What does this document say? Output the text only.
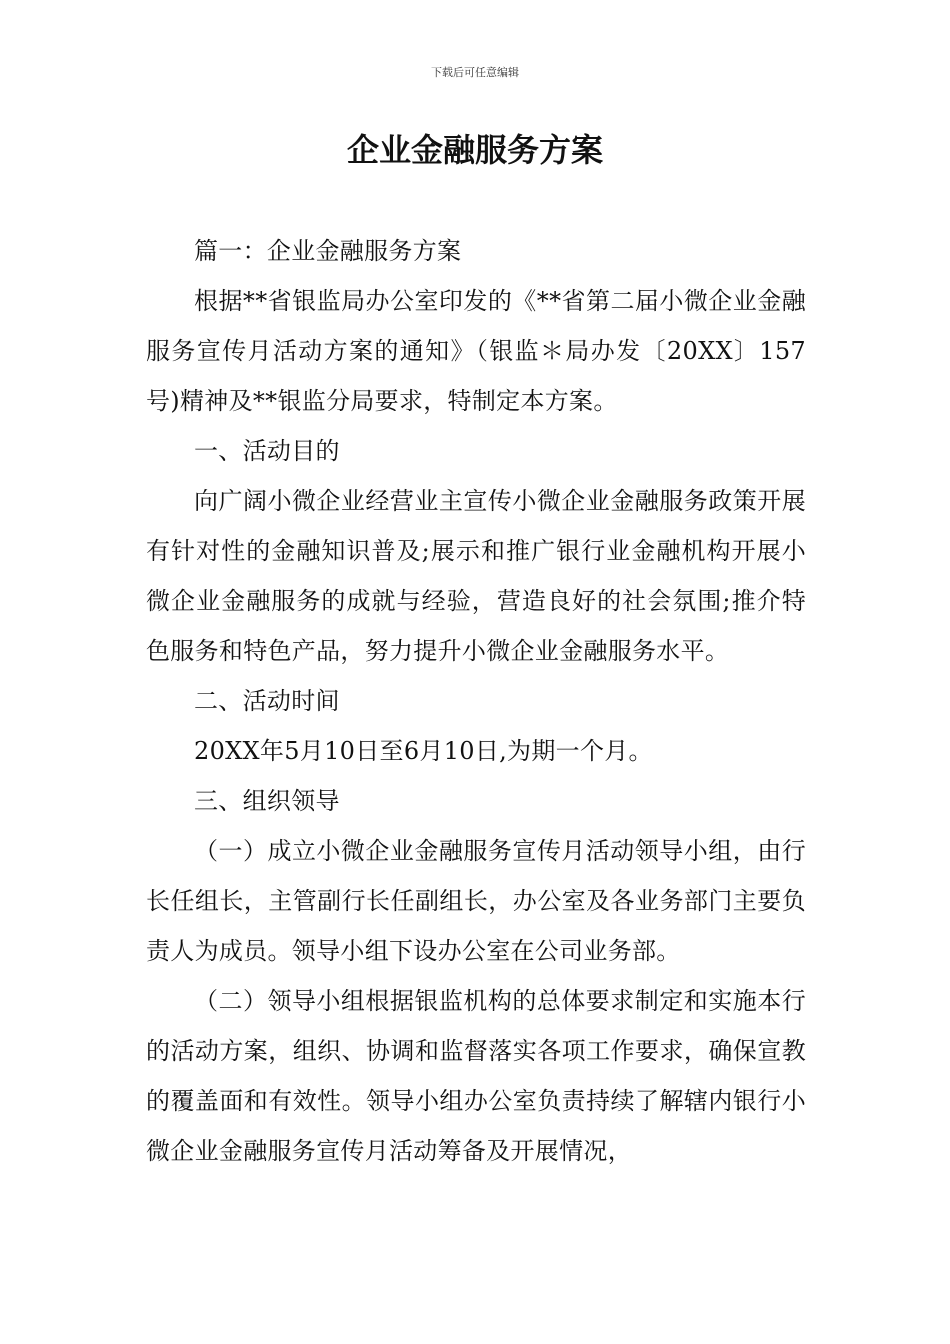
下载后可任意编辑
企业金融服务方案

篇一：企业金融服务方案

根据**省银监局办公室印发的《**省第二届小微企业金融服务宣传月活动方案的通知》（银监＊局办发〔20XX〕157号)精神及**银监分局要求，特制定本方案。

一、活动目的

向广阔小微企业经营业主宣传小微企业金融服务政策开展有针对性的金融知识普及;展示和推广银行业金融机构开展小微企业金融服务的成就与经验，营造良好的社会氛围;推介特色服务和特色产品，努力提升小微企业金融服务水平。

二、活动时间

20XX年5月10日至6月10日,为期一个月。

三、组织领导

（一）成立小微企业金融服务宣传月活动领导小组，由行长任组长，主管副行长任副组长，办公室及各业务部门主要负责人为成员。领导小组下设办公室在公司业务部。

（二）领导小组根据银监机构的总体要求制定和实施本行的活动方案，组织、协调和监督落实各项工作要求，确保宣教的覆盖面和有效性。领导小组办公室负责持续了解辖内银行小微企业金融服务宣传月活动筹备及开展情况，
